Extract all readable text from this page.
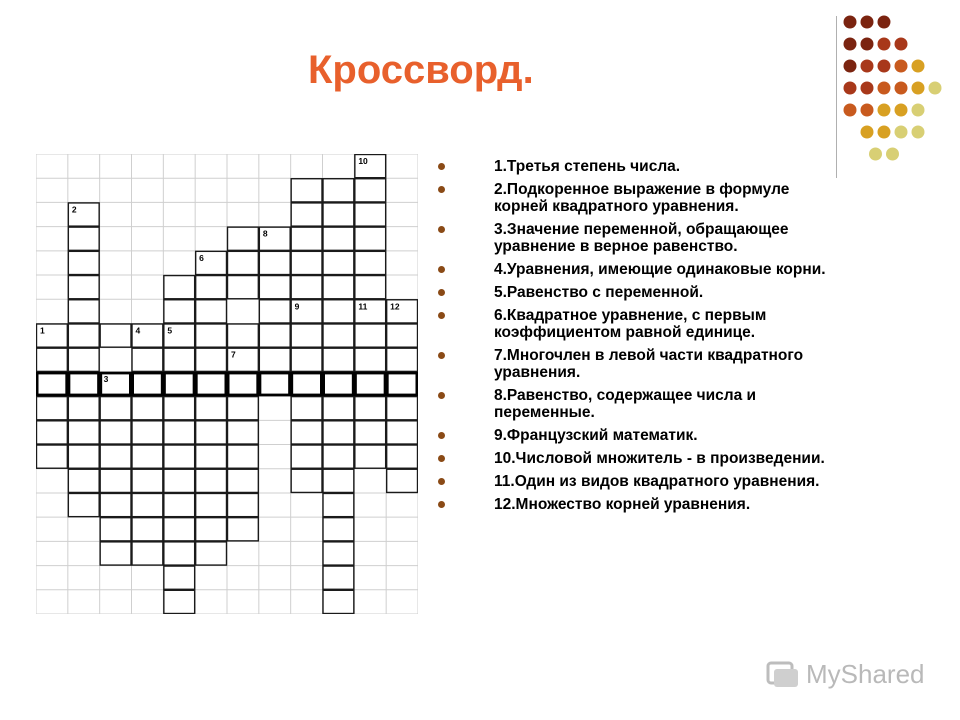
Кроссворд.
10
2
8
6
9	11	12
1	4	5
7
3
1.Третья степень числа.
2.Подкоренное выражение в формуле корней квадратного уравнения.
3.Значение переменной, обращающее уравнение в верное равенство.
4.Уравнения, имеющие одинаковые корни.
5.Равенство с переменной.
6.Квадратное уравнение, с первым коэффициентом равной единице.
7.Многочлен в левой части квадратного уравнения.
8.Равенство, содержащее числа и переменные.
9.Французский математик.
10.Числовой множитель - в произведении.
11.Один из видов квадратного уравнения.
12.Множество корней уравнения.
MyShared
